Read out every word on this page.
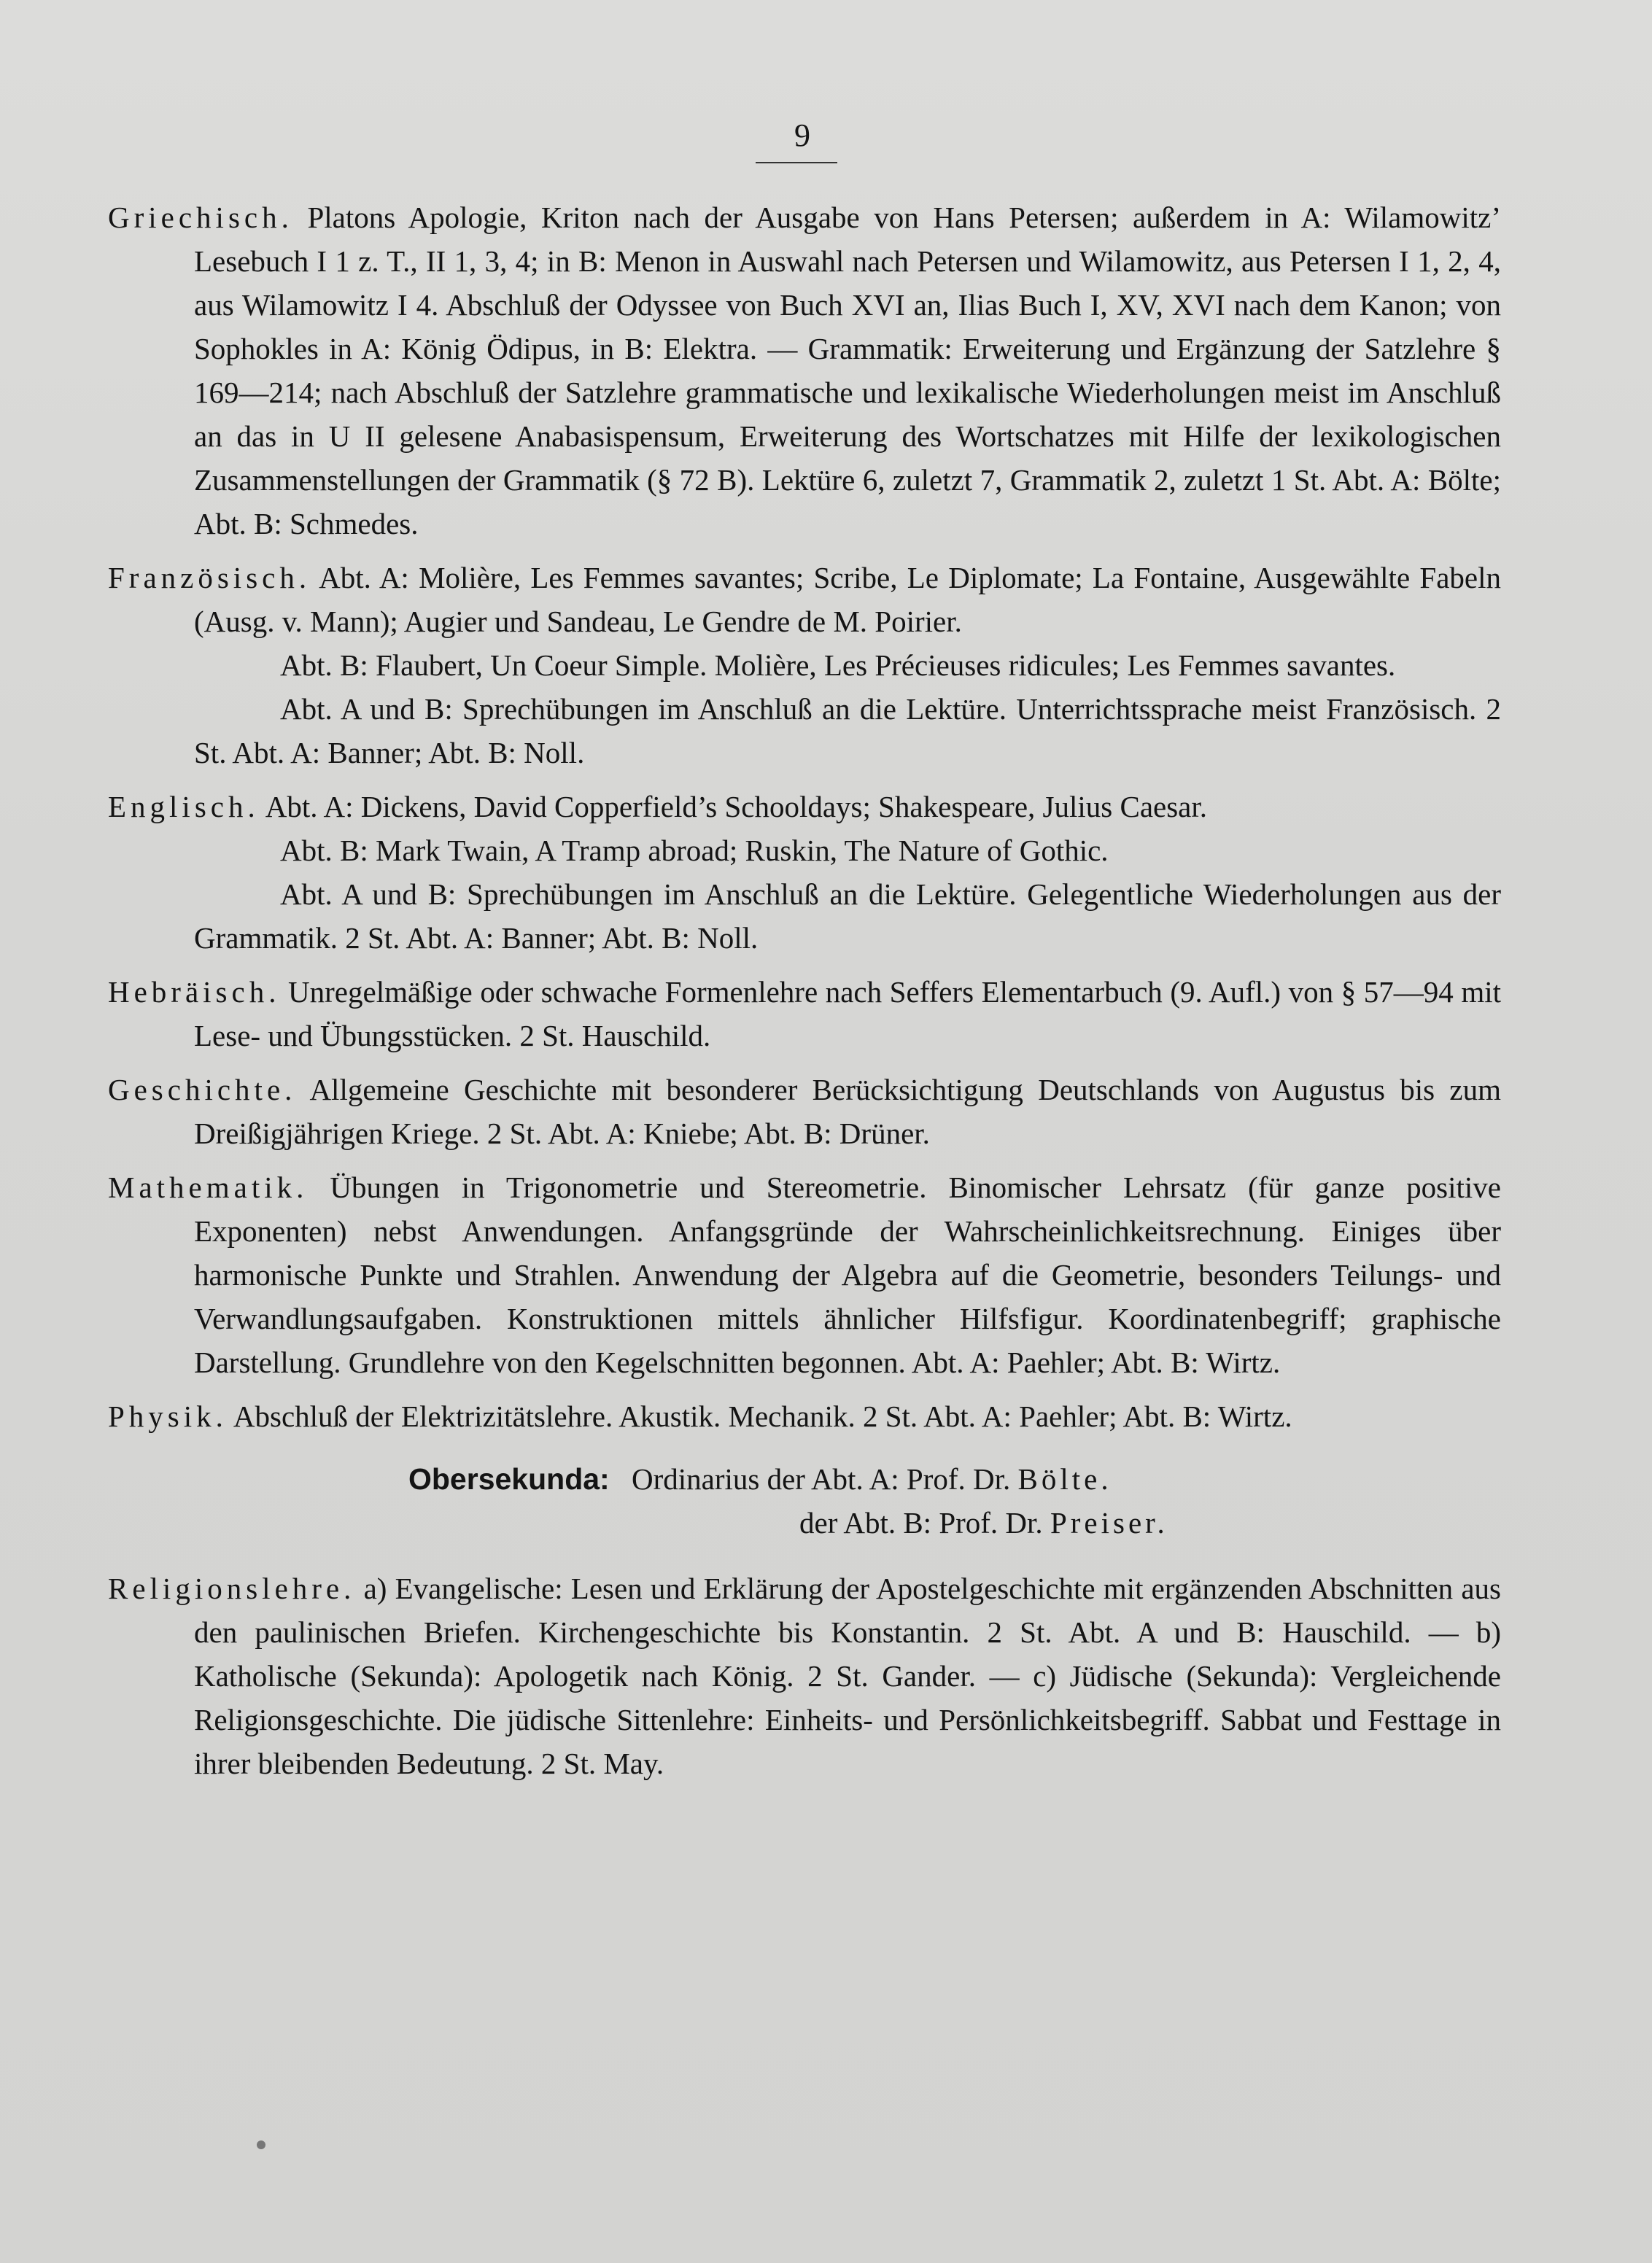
9

Griechisch. Platons Apologie, Kriton nach der Ausgabe von Hans Petersen; außerdem in A: Wilamowitz’ Lesebuch I 1 z. T., II 1, 3, 4; in B: Menon in Auswahl nach Petersen und Wilamowitz, aus Petersen I 1, 2, 4, aus Wilamowitz I 4. Abschluß der Odyssee von Buch XVI an, Ilias Buch I, XV, XVI nach dem Kanon; von Sophokles in A: König Ödipus, in B: Elektra. — Grammatik: Erweiterung und Ergänzung der Satzlehre § 169—214; nach Abschluß der Satzlehre grammatische und lexikalische Wiederholungen meist im Anschluß an das in U II gelesene Anabasispensum, Erweiterung des Wortschatzes mit Hilfe der lexikologischen Zusammenstellungen der Grammatik (§ 72 B). Lektüre 6, zuletzt 7, Grammatik 2, zuletzt 1 St. Abt. A: Bölte; Abt. B: Schmedes.

Französisch. Abt. A: Molière, Les Femmes savantes; Scribe, Le Diplomate; La Fontaine, Ausgewählte Fabeln (Ausg. v. Mann); Augier und Sandeau, Le Gendre de M. Poirier.

Abt. B: Flaubert, Un Coeur Simple. Molière, Les Précieuses ridicules; Les Femmes savantes.

Abt. A und B: Sprechübungen im Anschluß an die Lektüre. Unterrichtssprache meist Französisch. 2 St. Abt. A: Banner; Abt. B: Noll.

Englisch. Abt. A: Dickens, David Copperfield’s Schooldays; Shakespeare, Julius Caesar.

Abt. B: Mark Twain, A Tramp abroad; Ruskin, The Nature of Gothic.

Abt. A und B: Sprechübungen im Anschluß an die Lektüre. Gelegentliche Wiederholungen aus der Grammatik. 2 St. Abt. A: Banner; Abt. B: Noll.

Hebräisch. Unregelmäßige oder schwache Formenlehre nach Seffers Elementarbuch (9. Aufl.) von § 57—94 mit Lese- und Übungsstücken. 2 St. Hauschild.

Geschichte. Allgemeine Geschichte mit besonderer Berücksichtigung Deutschlands von Augustus bis zum Dreißigjährigen Kriege. 2 St. Abt. A: Kniebe; Abt. B: Drüner.

Mathematik. Übungen in Trigonometrie und Stereometrie. Binomischer Lehrsatz (für ganze positive Exponenten) nebst Anwendungen. Anfangsgründe der Wahrscheinlichkeitsrechnung. Einiges über harmonische Punkte und Strahlen. Anwendung der Algebra auf die Geometrie, besonders Teilungs- und Verwandlungsaufgaben. Konstruktionen mittels ähnlicher Hilfsfigur. Koordinatenbegriff; graphische Darstellung. Grundlehre von den Kegelschnitten begonnen. Abt. A: Paehler; Abt. B: Wirtz.

Physik. Abschluß der Elektrizitätslehre. Akustik. Mechanik. 2 St. Abt. A: Paehler; Abt. B: Wirtz.

Obersekunda: Ordinarius der Abt. A: Prof. Dr. Bölte.
der Abt. B: Prof. Dr. Preiser.

Religionslehre. a) Evangelische: Lesen und Erklärung der Apostelgeschichte mit ergänzenden Abschnitten aus den paulinischen Briefen. Kirchengeschichte bis Konstantin. 2 St. Abt. A und B: Hauschild. — b) Katholische (Sekunda): Apologetik nach König. 2 St. Gander. — c) Jüdische (Sekunda): Vergleichende Religionsgeschichte. Die jüdische Sittenlehre: Einheits- und Persönlichkeitsbegriff. Sabbat und Festtage in ihrer bleibenden Bedeutung. 2 St. May.
